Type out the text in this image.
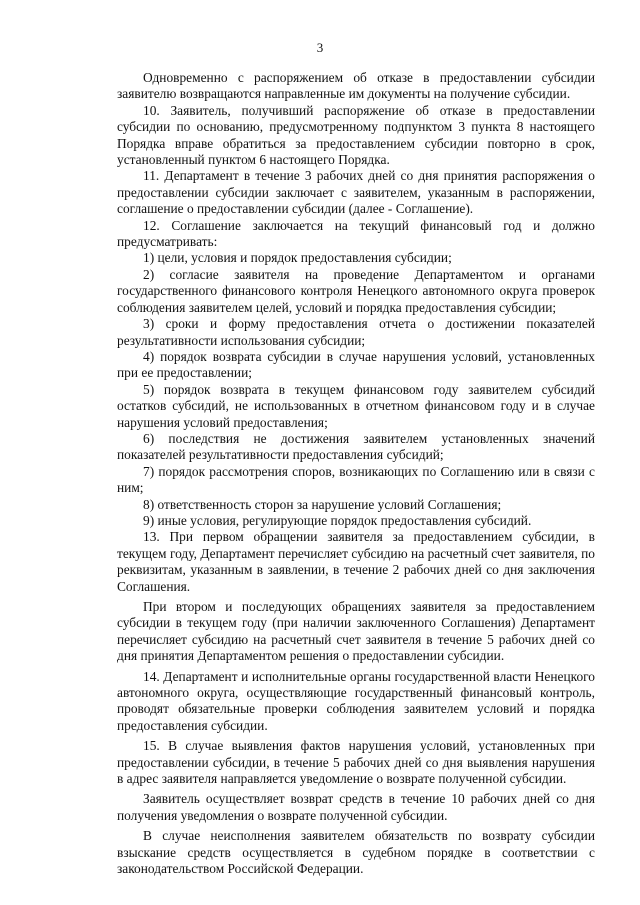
3

Одновременно с распоряжением об отказе в предоставлении субсидии заявителю возвращаются направленные им документы на получение субсидии.

10. Заявитель, получивший распоряжение об отказе в предоставлении субсидии по основанию, предусмотренному подпунктом 3 пункта 8 настоящего Порядка вправе обратиться за предоставлением субсидии повторно в срок, установленный пунктом 6 настоящего Порядка.

11. Департамент в течение 3 рабочих дней со дня принятия распоряжения о предоставлении субсидии заключает с заявителем, указанным в распоряжении, соглашение о предоставлении субсидии (далее - Соглашение).

12. Соглашение заключается на текущий финансовый год и должно предусматривать:

1) цели, условия и порядок предоставления субсидии;

2) согласие заявителя на проведение Департаментом и органами государственного финансового контроля Ненецкого автономного округа проверок соблюдения заявителем целей, условий и порядка предоставления субсидии;

3) сроки и форму предоставления отчета о достижении показателей результативности использования субсидии;

4) порядок возврата субсидии в случае нарушения условий, установленных при ее предоставлении;

5) порядок возврата в текущем финансовом году заявителем субсидий остатков субсидий, не использованных в отчетном финансовом году и в случае нарушения условий предоставления;

6) последствия не достижения заявителем установленных значений показателей результативности предоставления субсидий;

7) порядок рассмотрения споров, возникающих по Соглашению или в связи с ним;

8) ответственность сторон за нарушение условий Соглашения;

9) иные условия, регулирующие порядок предоставления субсидий.

13. При первом обращении заявителя за предоставлением субсидии, в текущем году, Департамент перечисляет субсидию на расчетный счет заявителя, по реквизитам, указанным в заявлении, в течение 2 рабочих дней со дня заключения Соглашения.

При втором и последующих обращениях заявителя за предоставлением субсидии в текущем году (при наличии заключенного Соглашения) Департамент перечисляет субсидию на расчетный счет заявителя в течение 5 рабочих дней со дня принятия Департаментом решения о предоставлении субсидии.

14. Департамент и исполнительные органы государственной власти Ненецкого автономного округа, осуществляющие государственный финансовый контроль, проводят обязательные проверки соблюдения заявителем условий и порядка предоставления субсидии.

15. В случае выявления фактов нарушения условий, установленных при предоставлении субсидии, в течение 5 рабочих дней со дня выявления нарушения в адрес заявителя направляется уведомление о возврате полученной субсидии.

Заявитель осуществляет возврат средств в течение 10 рабочих дней со дня получения уведомления о возврате полученной субсидии.

В случае неисполнения заявителем обязательств по возврату субсидии взыскание средств осуществляется в судебном порядке в соответствии с законодательством Российской Федерации.
